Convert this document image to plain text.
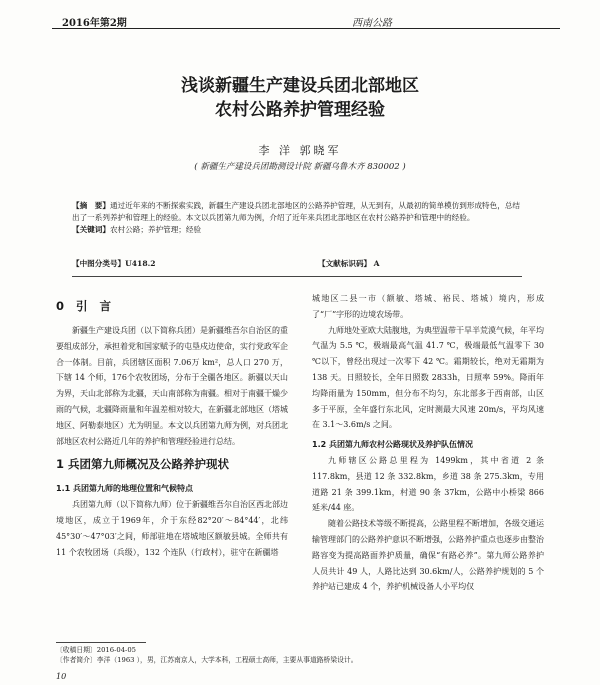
2016年第2期	西南公路
浅谈新疆生产建设兵团北部地区
农村公路养护管理经验
李 洋 郭晓军
( 新疆生产建设兵团勘测设计院 新疆乌鲁木齐 830002 )
【摘　要】通过近年来的不断探索实践，新疆生产建设兵团北部地区的公路养护管理，从无到有，从最初的简单模仿到形成特色，总结出了一系列养护和管理上的经验。本文以兵团第九师为例，介绍了近年来兵团北部地区在农村公路养护和管理中的经验。
【关键词】农村公路；养护管理；经验
【中图分类号】U418.2	【文献标识码】 A
0 引 言

新疆生产建设兵团（以下简称兵团）是新疆维吾尔自治区的重要组成部分，承担着党和国家赋予的屯垦戍边使命，实行党政军企合一体制。目前，兵团辖区面积 7.06万 km²，总人口 270 万，下辖 14 个师，176个农牧团场，分布于全疆各地区。新疆以天山为界，天山北部称为北疆，天山南部称为南疆。相对于南疆干燥少雨的气候，北疆降雨量和年温差相对较大，在新疆北部地区（塔城地区、阿勒泰地区）尤为明显。本文以兵团第九师为例，对兵团北部地区农村公路近几年的养护和管理经验进行总结。

1 兵团第九师概况及公路养护现状
1.1 兵团第九师的地理位置和气候特点

兵团第九师（以下简称九师）位于新疆维吾尔自治区西北部边境地区，成立于1969年，介于东经82°20′～84°44′，北纬45°30′～47°03′之间，师部驻地在塔城地区额敏县城。全师共有 11 个农牧团场（兵级），132 个连队（行政村），驻守在新疆塔

城地区二县一市（额敏、塔城、裕民、塔城）境内，形成了“厂”字形的边境农场带。

九师地处亚欧大陆腹地，为典型温带干旱半荒漠气候，年平均气温为 5.5 ℃，极端最高气温 41.7 ℃，极端最低气温零下 30 ℃以下，曾经出现过一次零下 42 ℃。霜期较长，绝对无霜期为 138 天。日照较长，全年日照数 2833h，日照率 59%。降雨年均降雨量为 150mm，但分布不均匀，东北部多于西南部，山区多于平原，全年盛行东北风，定时测最大风速 20m/s，平均风速在 3.1～3.6m/s 之间。

1.2 兵团第九师农村公路现状及养护队伍情况

九师辖区公路总里程为 1499km，其中省道 2 条 117.8km，县道 12 条 332.8km，乡道 38 条 275.3km，专用道路 21 条 399.1km，村道 90 条 37km，公路中小桥梁 866 延米/44 座。

随着公路技术等级不断提高，公路里程不断增加，各级交通运输管理部门的公路养护意识不断增强，公路养护重点也逐步由整治路容变为提高路面养护质量，确保“有路必养”。第九师公路养护人员共计 49 人，人路比达到 30.6km/人，公路养护规划的 5 个养护站已建成 4 个，养护机械设备人小平均仅

〔收稿日期〕2016-04-05
〔作者简介〕李洋（1963 ），男，江苏南京人，大学本科，工程硕士高师，主要从事道路桥梁设计。
10
